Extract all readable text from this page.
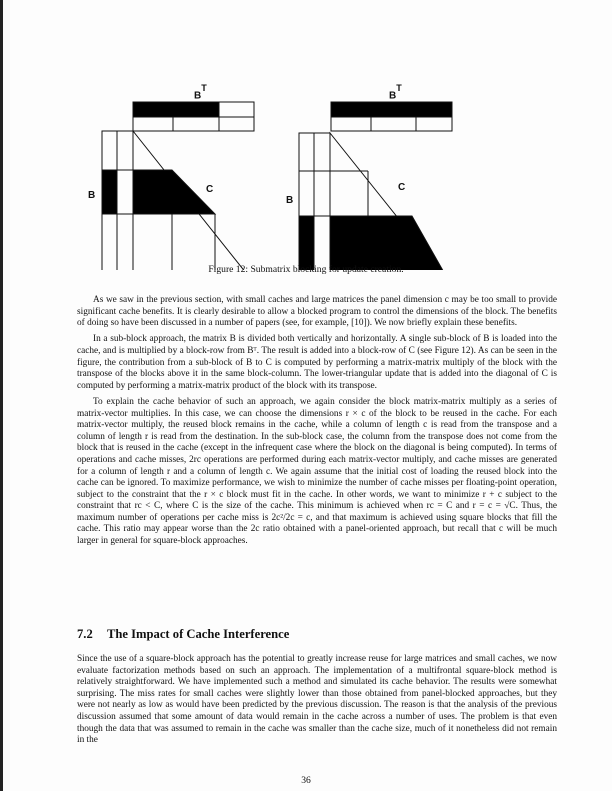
$B^T$
B
C
$B^T$
B
C
Figure 12: Submatrix blocking for update creation.

As we saw in the previous section, with small caches and large matrices the panel dimension c may be too small to provide significant cache benefits. It is clearly desirable to allow a blocked program to control the dimensions of the block. The benefits of doing so have been discussed in a number of papers (see, for example, [10]). We now briefly explain these benefits.

In a sub-block approach, the matrix B is divided both vertically and horizontally. A single sub-block of B is loaded into the cache, and is multiplied by a block-row from Bᵀ. The result is added into a block-row of C (see Figure 12). As can be seen in the figure, the contribution from a sub-block of B to C is computed by performing a matrix-matrix multiply of the block with the transpose of the blocks above it in the same block-column. The lower-triangular update that is added into the diagonal of C is computed by performing a matrix-matrix product of the block with its transpose.

To explain the cache behavior of such an approach, we again consider the block matrix-matrix multiply as a series of matrix-vector multiplies. In this case, we can choose the dimensions r × c of the block to be reused in the cache. For each matrix-vector multiply, the reused block remains in the cache, while a column of length c is read from the transpose and a column of length r is read from the destination. In the sub-block case, the column from the transpose does not come from the block that is reused in the cache (except in the infrequent case where the block on the diagonal is being computed). In terms of operations and cache misses, 2rc operations are performed during each matrix-vector multiply, and cache misses are generated for a column of length r and a column of length c. We again assume that the initial cost of loading the reused block into the cache can be ignored. To maximize performance, we wish to minimize the number of cache misses per floating-point operation, subject to the constraint that the r × c block must fit in the cache. In other words, we want to minimize r + c subject to the constraint that rc < C, where C is the size of the cache. This minimum is achieved when rc = C and r = c = √C. Thus, the maximum number of operations per cache miss is 2c²/2c = c, and that maximum is achieved using square blocks that fill the cache. This ratio may appear worse than the 2c ratio obtained with a panel-oriented approach, but recall that c will be much larger in general for square-block approaches.

7.2 The Impact of Cache Interference

Since the use of a square-block approach has the potential to greatly increase reuse for large matrices and small caches, we now evaluate factorization methods based on such an approach. The implementation of a multifrontal square-block method is relatively straightforward. We have implemented such a method and simulated its cache behavior. The results were somewhat surprising. The miss rates for small caches were slightly lower than those obtained from panel-blocked approaches, but they were not nearly as low as would have been predicted by the previous discussion. The reason is that the analysis of the previous discussion assumed that some amount of data would remain in the cache across a number of uses. The problem is that even though the data that was assumed to remain in the cache was smaller than the cache size, much of it nonetheless did not remain in the

36
